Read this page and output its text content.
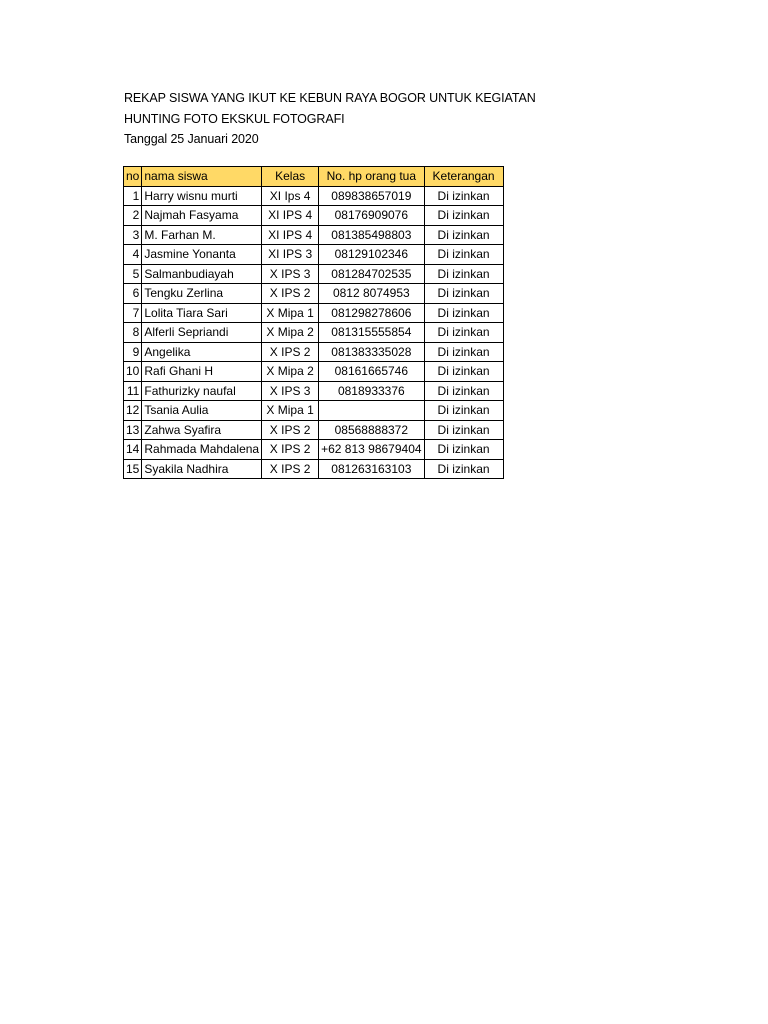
REKAP SISWA YANG IKUT KE KEBUN RAYA BOGOR UNTUK KEGIATAN
HUNTING FOTO EKSKUL FOTOGRAFI
Tanggal 25 Januari 2020
no	nama siswa	Kelas	No. hp orang tua	Keterangan
1	Harry wisnu murti	XI Ips 4	089838657019	Di izinkan
2	Najmah Fasyama	XI IPS 4	08176909076	Di izinkan
3	M. Farhan M.	XI IPS 4	081385498803	Di izinkan
4	Jasmine Yonanta	XI IPS 3	08129102346	Di izinkan
5	Salmanbudiayah	X IPS 3	081284702535	Di izinkan
6	Tengku Zerlina	X IPS 2	0812 8074953	Di izinkan
7	Lolita Tiara Sari	X Mipa 1	081298278606	Di izinkan
8	Alferli Sepriandi	X Mipa 2	081315555854	Di izinkan
9	Angelika	X IPS 2	081383335028	Di izinkan
10	Rafi Ghani H	X Mipa 2	08161665746	Di izinkan
11	Fathurizky naufal	X IPS 3	0818933376	Di izinkan
12	Tsania Aulia	X Mipa 1		Di izinkan
13	Zahwa Syafira	X IPS 2	08568888372	Di izinkan
14	Rahmada Mahdalena	X IPS 2	+62 813 98679404	Di izinkan
15	Syakila Nadhira	X IPS 2	081263163103	Di izinkan
